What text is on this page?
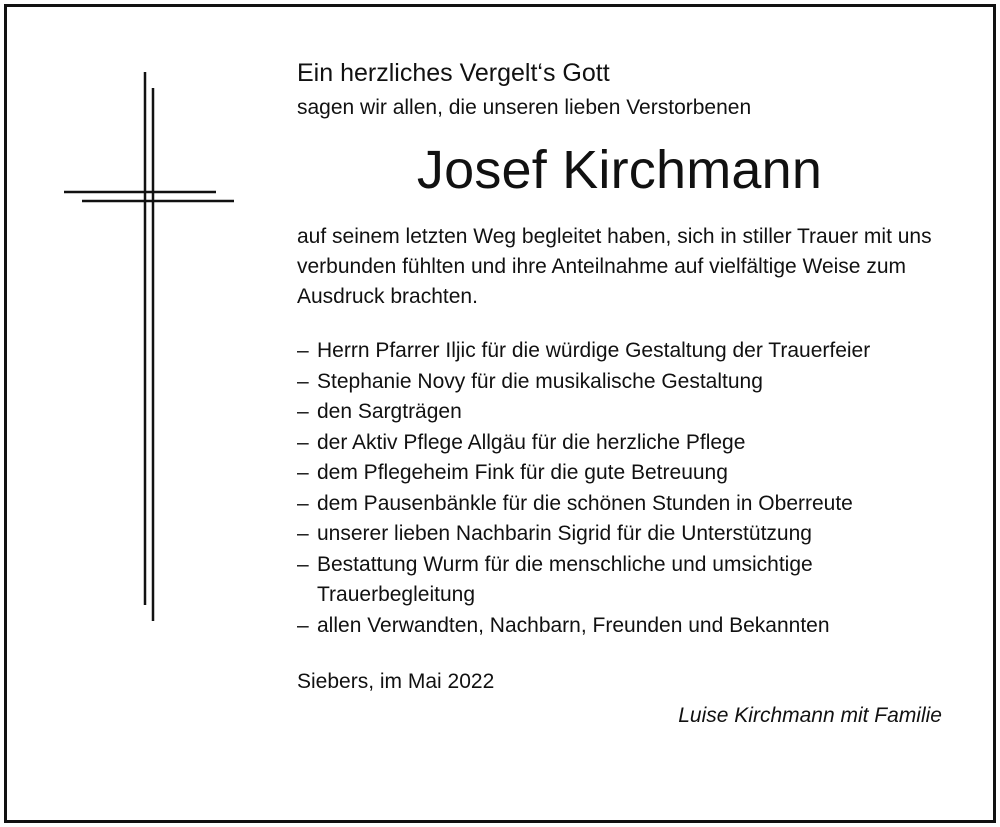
Ein herzliches Vergelt‘s Gott

sagen wir allen, die unseren lieben Verstorbenen

Josef Kirchmann

auf seinem letzten Weg begleitet haben, sich in stiller Trauer mit uns verbunden fühlten und ihre Anteilnahme auf vielfältige Weise zum Ausdruck brachten.

– Herrn Pfarrer Iljic für die würdige Gestaltung der Trauerfeier
– Stephanie Novy für die musikalische Gestaltung
– den Sargträgen
– der Aktiv Pflege Allgäu für die herzliche Pflege
– dem Pflegeheim Fink für die gute Betreuung
– dem Pausenbänkle für die schönen Stunden in Oberreute
– unserer lieben Nachbarin Sigrid für die Unterstützung
– Bestattung Wurm für die menschliche und umsichtige Trauerbegleitung
– allen Verwandten, Nachbarn, Freunden und Bekannten

Siebers, im Mai 2022

Luise Kirchmann mit Familie
